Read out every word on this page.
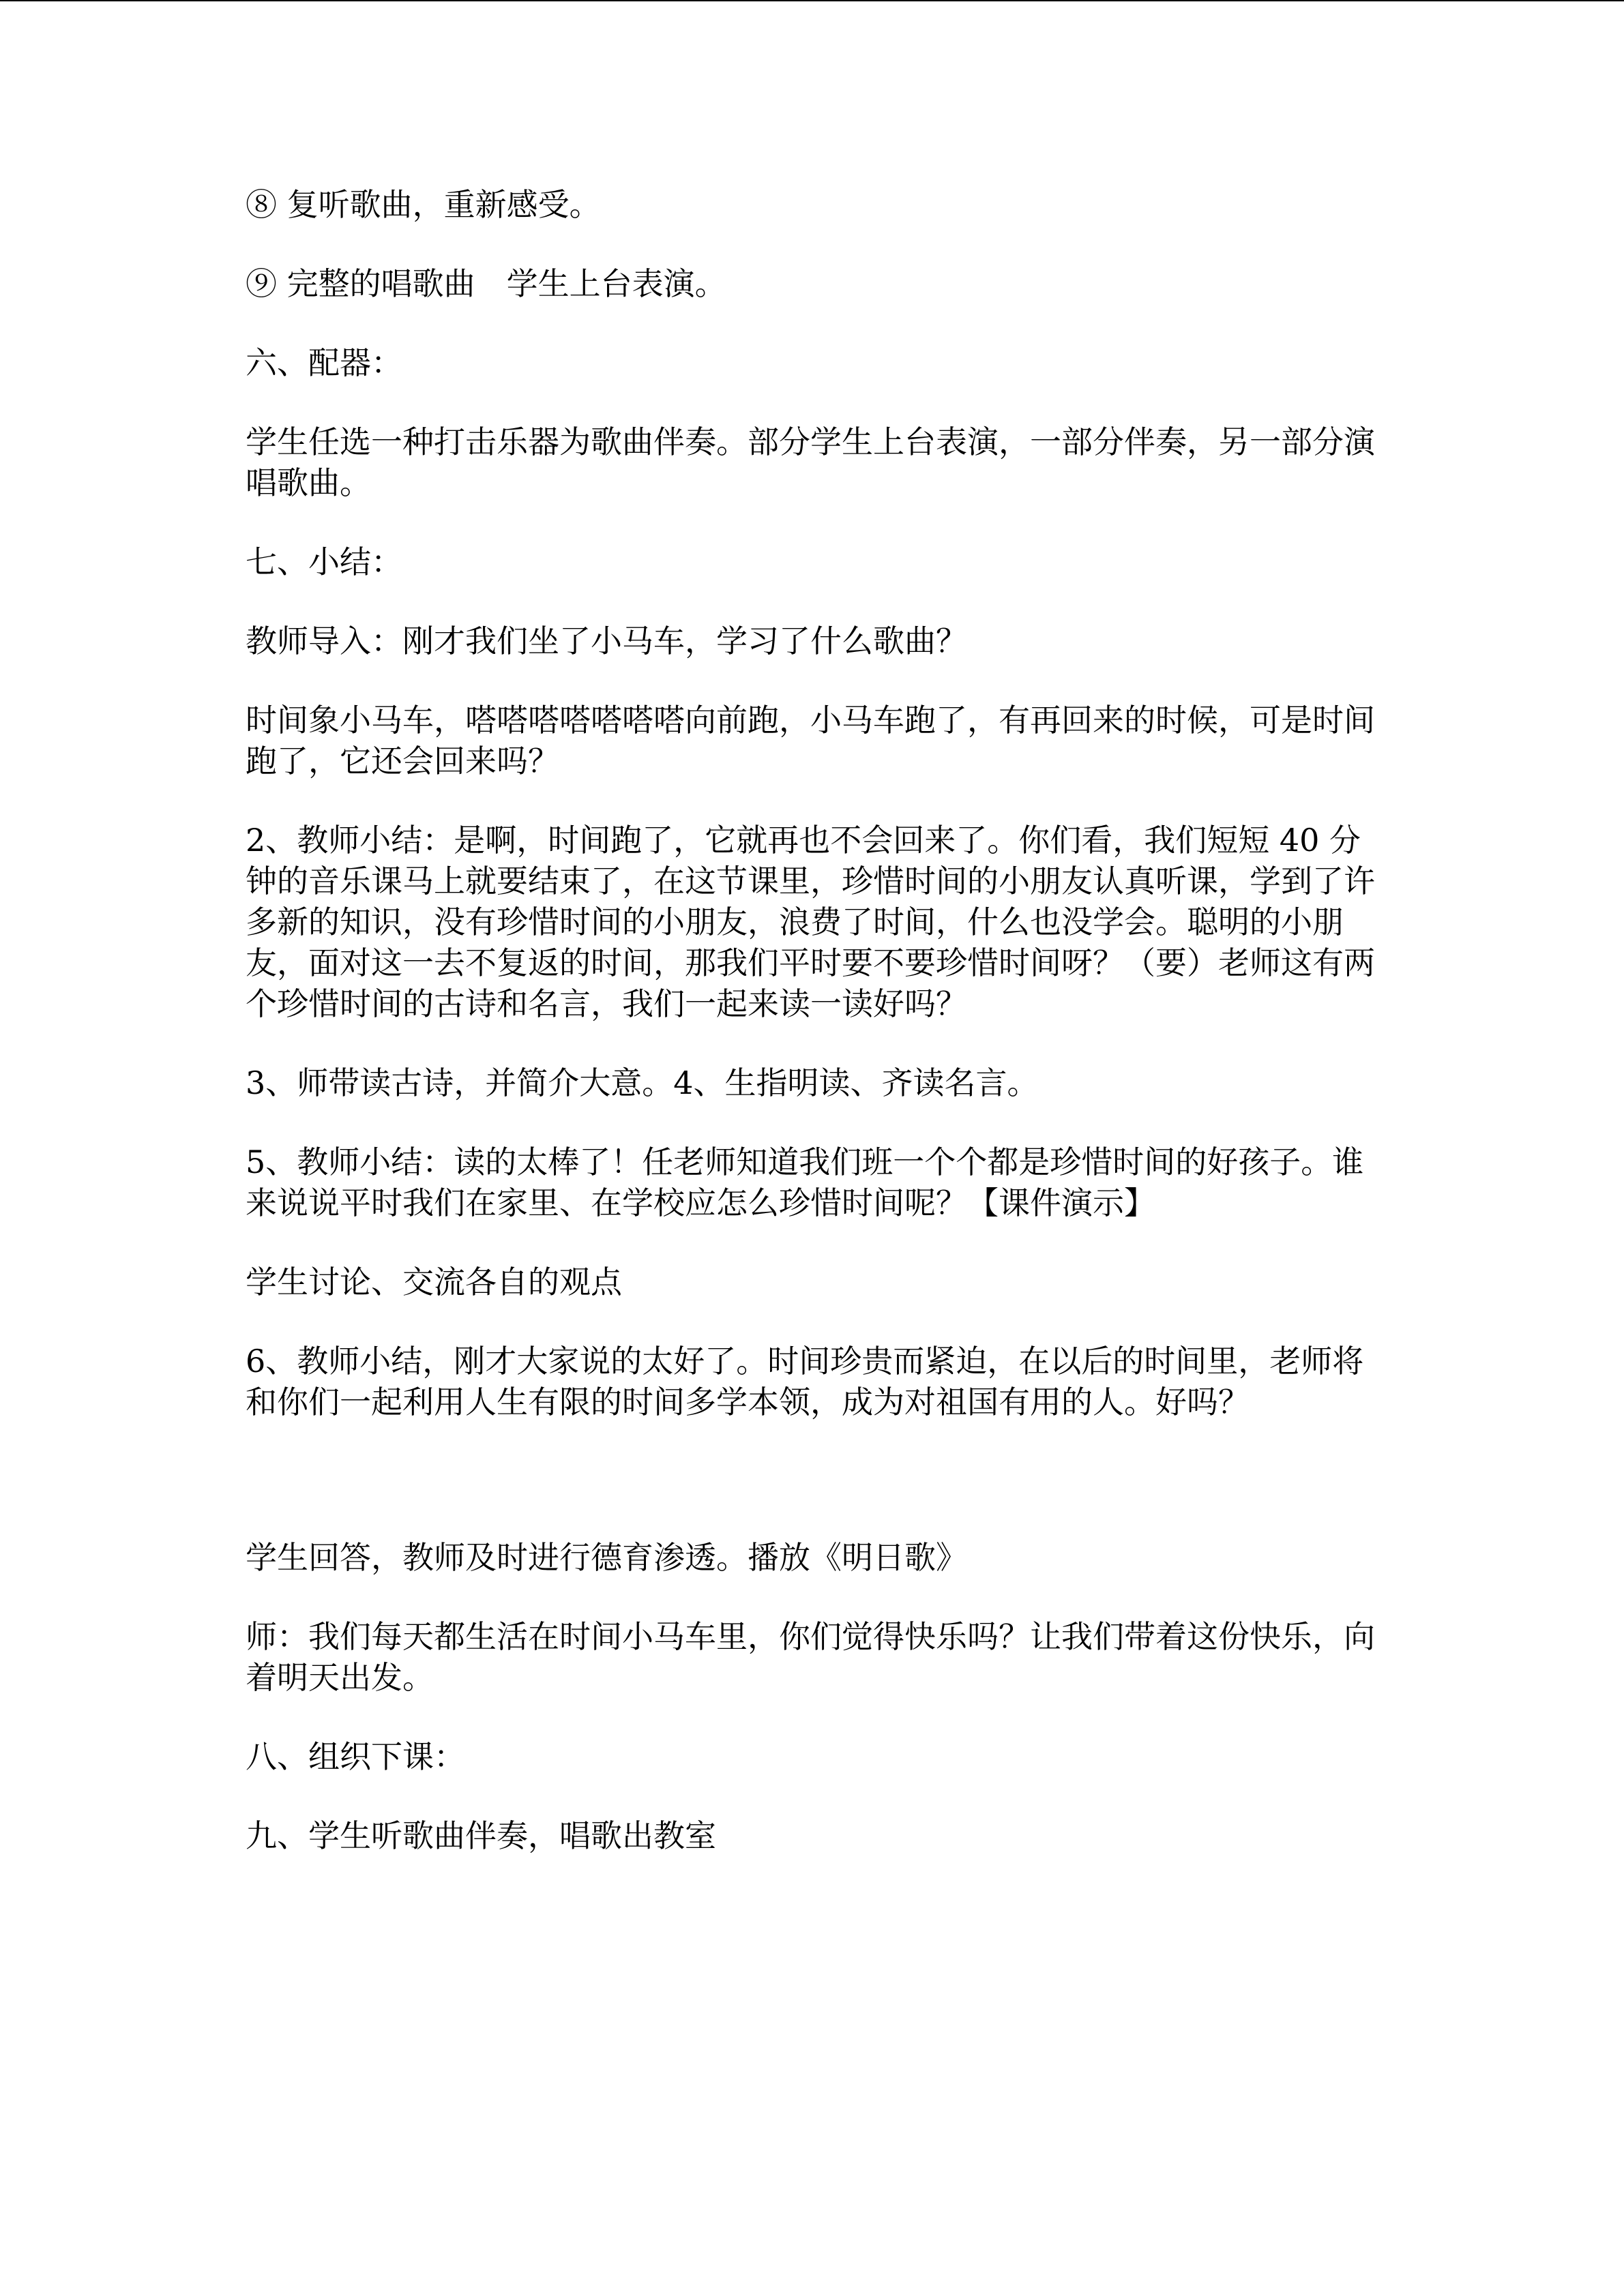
⑧ 复听歌曲，重新感受。

⑨ 完整的唱歌曲　学生上台表演。

六、配器：

学生任选一种打击乐器为歌曲伴奏。部分学生上台表演，一部分伴奏，另一部分演唱歌曲。

七、小结：

教师导入：刚才我们坐了小马车，学习了什么歌曲？

时间象小马车，嗒嗒嗒嗒嗒嗒嗒向前跑，小马车跑了，有再回来的时候，可是时间跑了，它还会回来吗？

2、教师小结：是啊，时间跑了，它就再也不会回来了。你们看，我们短短 40 分钟的音乐课马上就要结束了，在这节课里，珍惜时间的小朋友认真听课，学到了许多新的知识，没有珍惜时间的小朋友，浪费了时间，什么也没学会。聪明的小朋友，面对这一去不复返的时间，那我们平时要不要珍惜时间呀？（要）老师这有两个珍惜时间的古诗和名言，我们一起来读一读好吗？

3、师带读古诗，并简介大意。4、生指明读、齐读名言。

5、教师小结：读的太棒了！任老师知道我们班一个个都是珍惜时间的好孩子。谁来说说平时我们在家里、在学校应怎么珍惜时间呢？【课件演示】

学生讨论、交流各自的观点

6、教师小结，刚才大家说的太好了。时间珍贵而紧迫，在以后的时间里，老师将和你们一起利用人生有限的时间多学本领，成为对祖国有用的人。好吗？

学生回答，教师及时进行德育渗透。播放《明日歌》

师：我们每天都生活在时间小马车里，你们觉得快乐吗？让我们带着这份快乐，向着明天出发。

八、组织下课：

九、学生听歌曲伴奏，唱歌出教室
